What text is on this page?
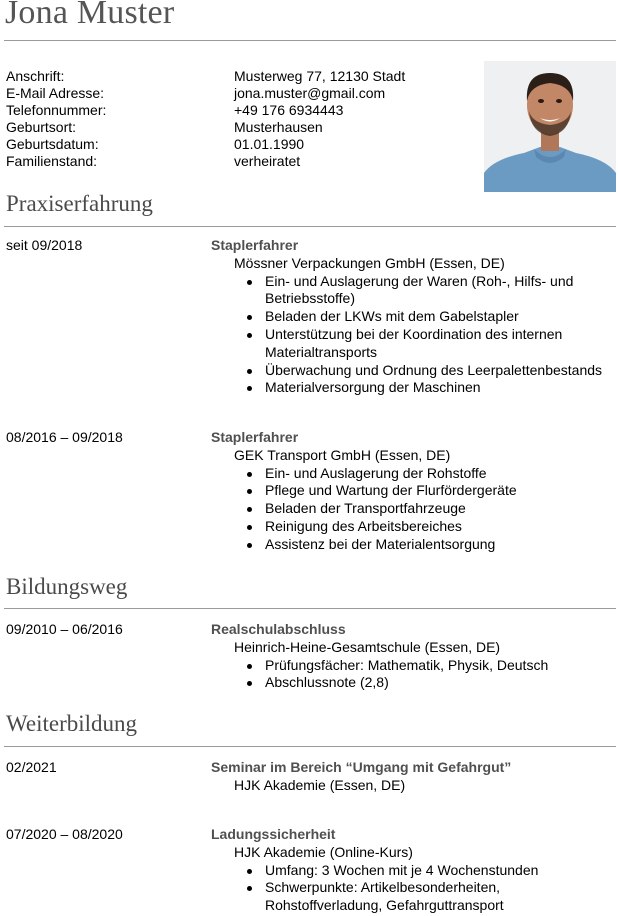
Jona Muster
Anschrift:	Musterweg 77, 12130 Stadt
E-Mail Adresse:	jona.muster@gmail.com
Telefonnummer:	+49 176 6934443
Geburtsort:	Musterhausen
Geburtsdatum:	01.01.1990
Familienstand:	verheiratet
Praxiserfahrung
seit 09/2018	Staplerfahrer
Mössner Verpackungen GmbH (Essen, DE)
Ein- und Auslagerung der Waren (Roh-, Hilfs- und Betriebsstoffe)
Beladen der LKWs mit dem Gabelstapler
Unterstützung bei der Koordination des internen Materialtransports
Überwachung und Ordnung des Leerpalettenbestands
Materialversorgung der Maschinen
08/2016 – 09/2018	Staplerfahrer
GEK Transport GmbH (Essen, DE)
Ein- und Auslagerung der Rohstoffe
Pflege und Wartung der Flurfördergeräte
Beladen der Transportfahrzeuge
Reinigung des Arbeitsbereiches
Assistenz bei der Materialentsorgung
Bildungsweg
09/2010 – 06/2016	Realschulabschluss
Heinrich-Heine-Gesamtschule (Essen, DE)
Prüfungsfächer: Mathematik, Physik, Deutsch
Abschlussnote (2,8)
Weiterbildung
02/2021	Seminar im Bereich “Umgang mit Gefahrgut”
HJK Akademie (Essen, DE)
07/2020 – 08/2020	Ladungssicherheit
HJK Akademie (Online-Kurs)
Umfang: 3 Wochen mit je 4 Wochenstunden
Schwerpunkte: Artikelbesonderheiten, Rohstoffverladung, Gefahrguttransport
